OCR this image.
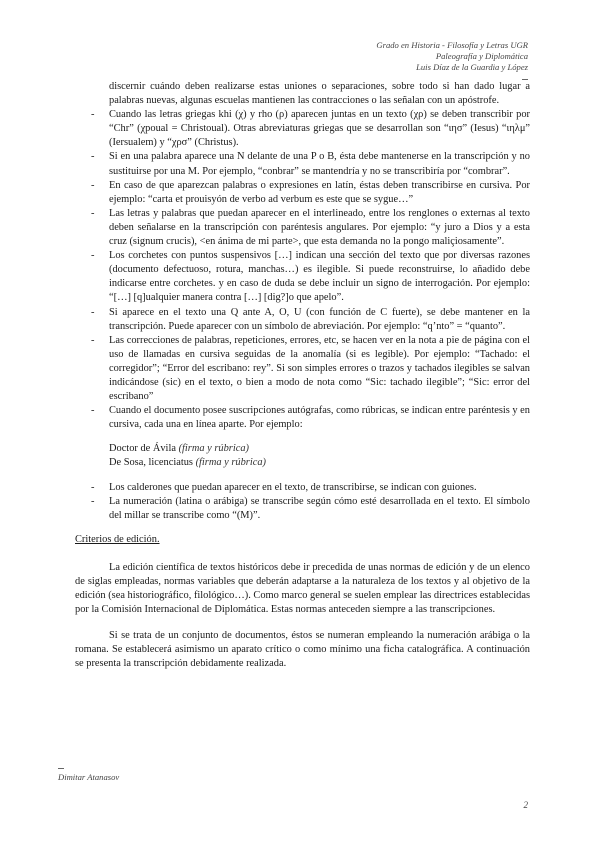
Grado en Historia - Filosofía y Letras UGR
Paleografía y Diplomática
Luis Díaz de la Guardia y López

discernir cuándo deben realizarse estas uniones o separaciones, sobre todo si han dado lugar a palabras nuevas, algunas escuelas mantienen las contracciones o las señalan con un apóstrofe.

- Cuando las letras griegas khi (χ) y rho (ρ) aparecen juntas en un texto (χρ) se deben transcribir por “Chr” (χpoual = Christoual). Otras abreviaturas griegas que se desarrollan son “ιησ” (Iesus) “ιηλμ” (Iersualem) y “χρσ” (Christus).
- Si en una palabra aparece una N delante de una P o B, ésta debe mantenerse en la transcripción y no sustituirse por una M. Por ejemplo, “conbrar” se mantendría y no se transcribiría por “combrar”.
- En caso de que aparezcan palabras o expresiones en latín, éstas deben transcribirse en cursiva. Por ejemplo: “carta et prouisyón de verbo ad verbum es este que se sygue…”
- Las letras y palabras que puedan aparecer en el interlineado, entre los renglones o externas al texto deben señalarse en la transcripción con paréntesis angulares. Por ejemplo: “y juro a Dios y a esta cruz (signum crucis), <en ánima de mi parte>, que esta demanda no la pongo maliçiosamente”.
- Los corchetes con puntos suspensivos […] indican una sección del texto que por diversas razones (documento defectuoso, rotura, manchas…) es ilegible. Si puede reconstruirse, lo añadido debe indicarse entre corchetes. y en caso de duda se debe incluir un signo de interrogación. Por ejemplo: “[…] [q]ualquier manera contra […] [dig?]o que apelo”.
- Si aparece en el texto una Q ante A, O, U (con función de C fuerte), se debe mantener en la transcripción. Puede aparecer con un símbolo de abreviación. Por ejemplo: “q’nto” = “quanto”.
- Las correcciones de palabras, repeticiones, errores, etc, se hacen ver en la nota a pie de página con el uso de llamadas en cursiva seguidas de la anomalía (si es legible). Por ejemplo: “Tachado: el corregidor”; “Error del escribano: rey”. Si son simples errores o trazos y tachados ilegibles se salvan indicándose (sic) en el texto, o bien a modo de nota como “Sic: tachado ilegible”; “Sic: error del escribano”
- Cuando el documento posee suscripciones autógrafas, como rúbricas, se indican entre paréntesis y en cursiva, cada una en línea aparte. Por ejemplo:

Doctor de Ávila (firma y rúbrica)

De Sosa, licenciatus (firma y rúbrica)

- Los calderones que puedan aparecer en el texto, de transcribirse, se indican con guiones.
- La numeración (latina o arábiga) se transcribe según cómo esté desarrollada en el texto. El símbolo del millar se transcribe como “(M)”.

Criterios de edición.

La edición científica de textos históricos debe ir precedida de unas normas de edición y de un elenco de siglas empleadas, normas variables que deberán adaptarse a la naturaleza de los textos y al objetivo de la edición (sea historiográfico, filológico…). Como marco general se suelen emplear las directrices establecidas por la Comisión Internacional de Diplomática. Estas normas anteceden siempre a las transcripciones.

Si se trata de un conjunto de documentos, éstos se numeran empleando la numeración arábiga o la romana. Se establecerá asimismo un aparato crítico o como mínimo una ficha catalográfica. A continuación se presenta la transcripción debidamente realizada.

Dimitar Atanasov
2
